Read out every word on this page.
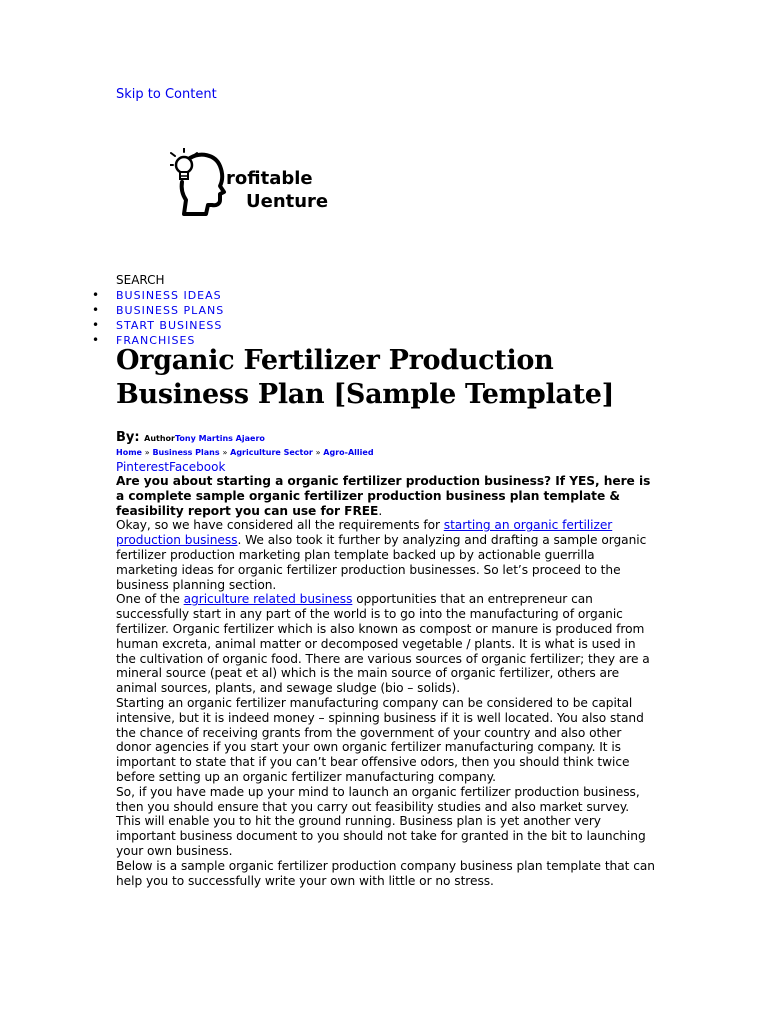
Skip to Content
rofitable
Uenture
SEARCH
• BUSINESS IDEAS
• BUSINESS PLANS
• START BUSINESS
• FRANCHISES
Organic Fertilizer Production Business Plan [Sample Template]
By: AuthorTony Martins Ajaero
Home » Business Plans » Agriculture Sector » Agro-Allied
PinterestFacebook

Are you about starting a organic fertilizer production business? If YES, here is a complete sample organic fertilizer production business plan template & feasibility report you can use for FREE.

Okay, so we have considered all the requirements for starting an organic fertilizer production business. We also took it further by analyzing and drafting a sample organic fertilizer production marketing plan template backed up by actionable guerrilla marketing ideas for organic fertilizer production businesses. So let’s proceed to the business planning section.

One of the agriculture related business opportunities that an entrepreneur can successfully start in any part of the world is to go into the manufacturing of organic fertilizer. Organic fertilizer which is also known as compost or manure is produced from human excreta, animal matter or decomposed vegetable / plants. It is what is used in the cultivation of organic food. There are various sources of organic fertilizer; they are a mineral source (peat et al) which is the main source of organic fertilizer, others are animal sources, plants, and sewage sludge (bio – solids).

Starting an organic fertilizer manufacturing company can be considered to be capital intensive, but it is indeed money – spinning business if it is well located. You also stand the chance of receiving grants from the government of your country and also other donor agencies if you start your own organic fertilizer manufacturing company. It is important to state that if you can’t bear offensive odors, then you should think twice before setting up an organic fertilizer manufacturing company.

So, if you have made up your mind to launch an organic fertilizer production business, then you should ensure that you carry out feasibility studies and also market survey. This will enable you to hit the ground running. Business plan is yet another very important business document to you should not take for granted in the bit to launching your own business.

Below is a sample organic fertilizer production company business plan template that can help you to successfully write your own with little or no stress.
